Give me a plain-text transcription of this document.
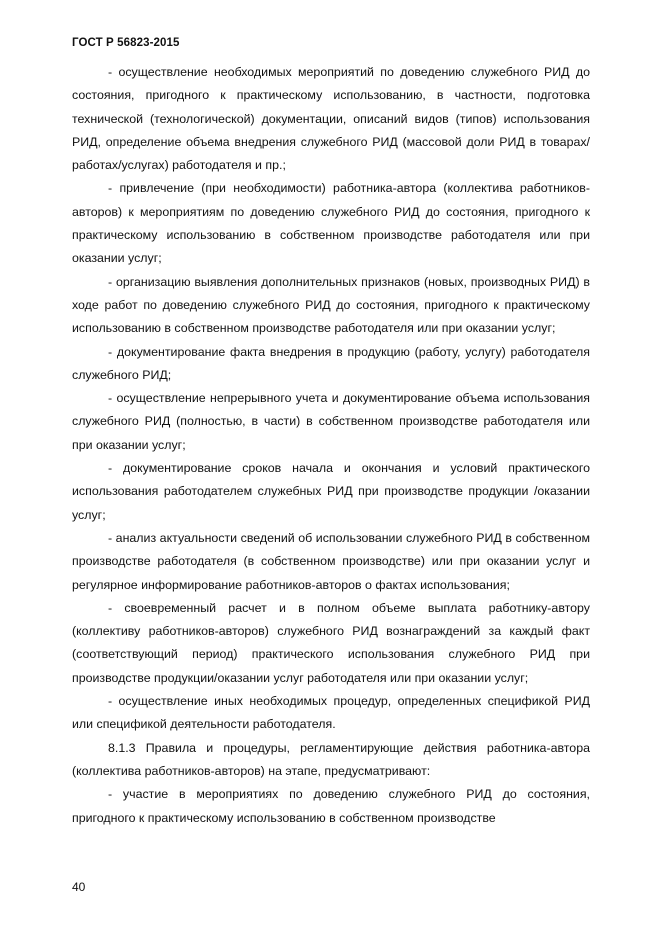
ГОСТ Р 56823-2015

- осуществление необходимых мероприятий по доведению служебного РИД до состояния, пригодного к практическому использованию, в частности, подготовка технической (технологической) документации, описаний видов (типов) использования РИД, определение объема внедрения служебного РИД (массовой доли РИД в товарах/работах/услугах) работодателя и пр.;

- привлечение (при необходимости) работника-автора (коллектива работников-авторов) к мероприятиям по доведению служебного РИД до состояния, пригодного к практическому использованию в собственном производстве работодателя или при оказании услуг;

- организацию выявления дополнительных признаков (новых, производных РИД) в ходе работ по доведению служебного РИД до состояния, пригодного к практическому использованию в собственном производстве работодателя или при оказании услуг;

- документирование факта внедрения в продукцию (работу, услугу) работодателя служебного РИД;

- осуществление непрерывного учета и документирование объема использования служебного РИД (полностью, в части) в собственном производстве работодателя или при оказании услуг;

- документирование сроков начала и окончания и условий практического использования работодателем служебных РИД при производстве продукции /оказании услуг;

- анализ актуальности сведений об использовании служебного РИД в собственном производстве работодателя (в собственном производстве) или при оказании услуг и регулярное информирование работников-авторов о фактах использования;

- своевременный расчет и в полном объеме выплата работнику-автору (коллективу работников-авторов) служебного РИД вознаграждений за каждый факт (соответствующий период) практического использования служебного РИД при производстве продукции/оказании услуг работодателя или при оказании услуг;

- осуществление иных необходимых процедур, определенных спецификой РИД или спецификой деятельности работодателя.

8.1.3 Правила и процедуры, регламентирующие действия работника-автора (коллектива работников-авторов) на этапе, предусматривают:

- участие в мероприятиях по доведению служебного РИД до состояния, пригодного к практическому использованию в собственном производстве

40
